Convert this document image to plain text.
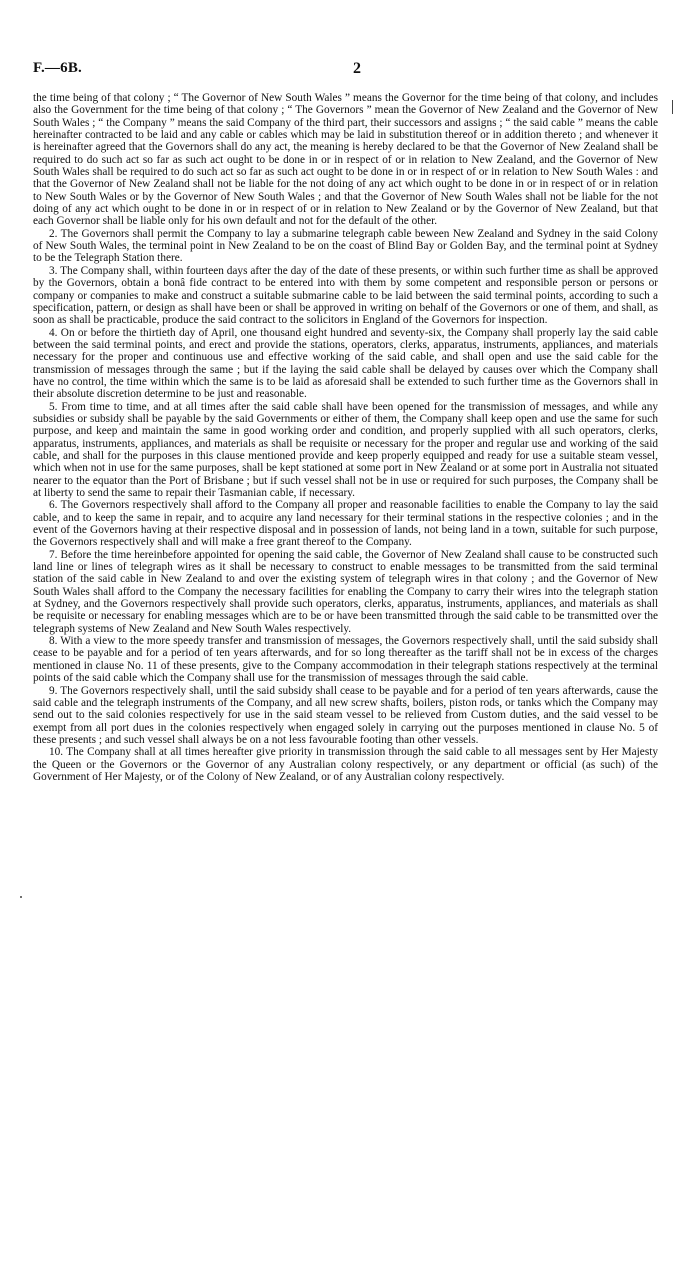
F.—6B.	2

the time being of that colony ; “ The Governor of New South Wales ” means the Governor for the time being of that colony, and includes also the Government for the time being of that colony ; “ The Governors ” mean the Governor of New Zealand and the Governor of New South Wales ; “ the Company ” means the said Company of the third part, their successors and assigns ; “ the said cable ” means the cable hereinafter contracted to be laid and any cable or cables which may be laid in substitution thereof or in addition thereto ; and whenever it is hereinafter agreed that the Governors shall do any act, the meaning is hereby declared to be that the Governor of New Zealand shall be required to do such act so far as such act ought to be done in or in respect of or in relation to New Zealand, and the Governor of New South Wales shall be required to do such act so far as such act ought to be done in or in respect of or in relation to New South Wales : and that the Governor of New Zealand shall not be liable for the not doing of any act which ought to be done in or in respect of or in relation to New South Wales or by the Governor of New South Wales ; and that the Governor of New South Wales shall not be liable for the not doing of any act which ought to be done in or in respect of or in relation to New Zealand or by the Governor of New Zealand, but that each Governor shall be liable only for his own default and not for the default of the other.

2. The Governors shall permit the Company to lay a submarine telegraph cable beween New Zealand and Sydney in the said Colony of New South Wales, the terminal point in New Zealand to be on the coast of Blind Bay or Golden Bay, and the terminal point at Sydney to be the Telegraph Station there.

3. The Company shall, within fourteen days after the day of the date of these presents, or within such further time as shall be approved by the Governors, obtain a bonâ fide contract to be entered into with them by some competent and responsible person or persons or company or companies to make and construct a suitable submarine cable to be laid between the said terminal points, according to such a specification, pattern, or design as shall have been or shall be approved in writing on behalf of the Governors or one of them, and shall, as soon as shall be practicable, produce the said contract to the solicitors in England of the Governors for inspection.

4. On or before the thirtieth day of April, one thousand eight hundred and seventy-six, the Company shall properly lay the said cable between the said terminal points, and erect and provide the stations, operators, clerks, apparatus, instruments, appliances, and materials necessary for the proper and continuous use and effective working of the said cable, and shall open and use the said cable for the transmission of messages through the same ; but if the laying the said cable shall be delayed by causes over which the Company shall have no control, the time within which the same is to be laid as aforesaid shall be extended to such further time as the Governors shall in their absolute discretion determine to be just and reasonable.

5. From time to time, and at all times after the said cable shall have been opened for the transmission of messages, and while any subsidies or subsidy shall be payable by the said Governments or either of them, the Company shall keep open and use the same for such purpose, and keep and maintain the same in good working order and condition, and properly supplied with all such operators, clerks, apparatus, instruments, appliances, and materials as shall be requisite or necessary for the proper and regular use and working of the said cable, and shall for the purposes in this clause mentioned provide and keep properly equipped and ready for use a suitable steam vessel, which when not in use for the same purposes, shall be kept stationed at some port in New Zealand or at some port in Australia not situated nearer to the equator than the Port of Brisbane ; but if such vessel shall not be in use or required for such purposes, the Company shall be at liberty to send the same to repair their Tasmanian cable, if necessary.

6. The Governors respectively shall afford to the Company all proper and reasonable facilities to enable the Company to lay the said cable, and to keep the same in repair, and to acquire any land necessary for their terminal stations in the respective colonies ; and in the event of the Governors having at their respective disposal and in possession of lands, not being land in a town, suitable for such purpose, the Governors respectively shall and will make a free grant thereof to the Company.

7. Before the time hereinbefore appointed for opening the said cable, the Governor of New Zealand shall cause to be constructed such land line or lines of telegraph wires as it shall be necessary to construct to enable messages to be transmitted from the said terminal station of the said cable in New Zealand to and over the existing system of telegraph wires in that colony ; and the Governor of New South Wales shall afford to the Company the necessary facilities for enabling the Company to carry their wires into the telegraph station at Sydney, and the Governors respectively shall provide such operators, clerks, apparatus, instruments, appliances, and materials as shall be requisite or necessary for enabling messages which are to be or have been transmitted through the said cable to be transmitted over the telegraph systems of New Zealand and New South Wales respectively.

8. With a view to the more speedy transfer and transmission of messages, the Governors respectively shall, until the said subsidy shall cease to be payable and for a period of ten years afterwards, and for so long thereafter as the tariff shall not be in excess of the charges mentioned in clause No. 11 of these presents, give to the Company accommodation in their telegraph stations respectively at the terminal points of the said cable which the Company shall use for the transmission of messages through the said cable.

9. The Governors respectively shall, until the said subsidy shall cease to be payable and for a period of ten years afterwards, cause the said cable and the telegraph instruments of the Company, and all new screw shafts, boilers, piston rods, or tanks which the Company may send out to the said colonies respectively for use in the said steam vessel to be relieved from Custom duties, and the said vessel to be exempt from all port dues in the colonies respectively when engaged solely in carrying out the purposes mentioned in clause No. 5 of these presents ; and such vessel shall always be on a not less favourable footing than other vessels.

10. The Company shall at all times hereafter give priority in transmission through the said cable to all messages sent by Her Majesty the Queen or the Governors or the Governor of any Australian colony respectively, or any department or official (as such) of the Government of Her Majesty, or of the Colony of New Zealand, or of any Australian colony respectively.
